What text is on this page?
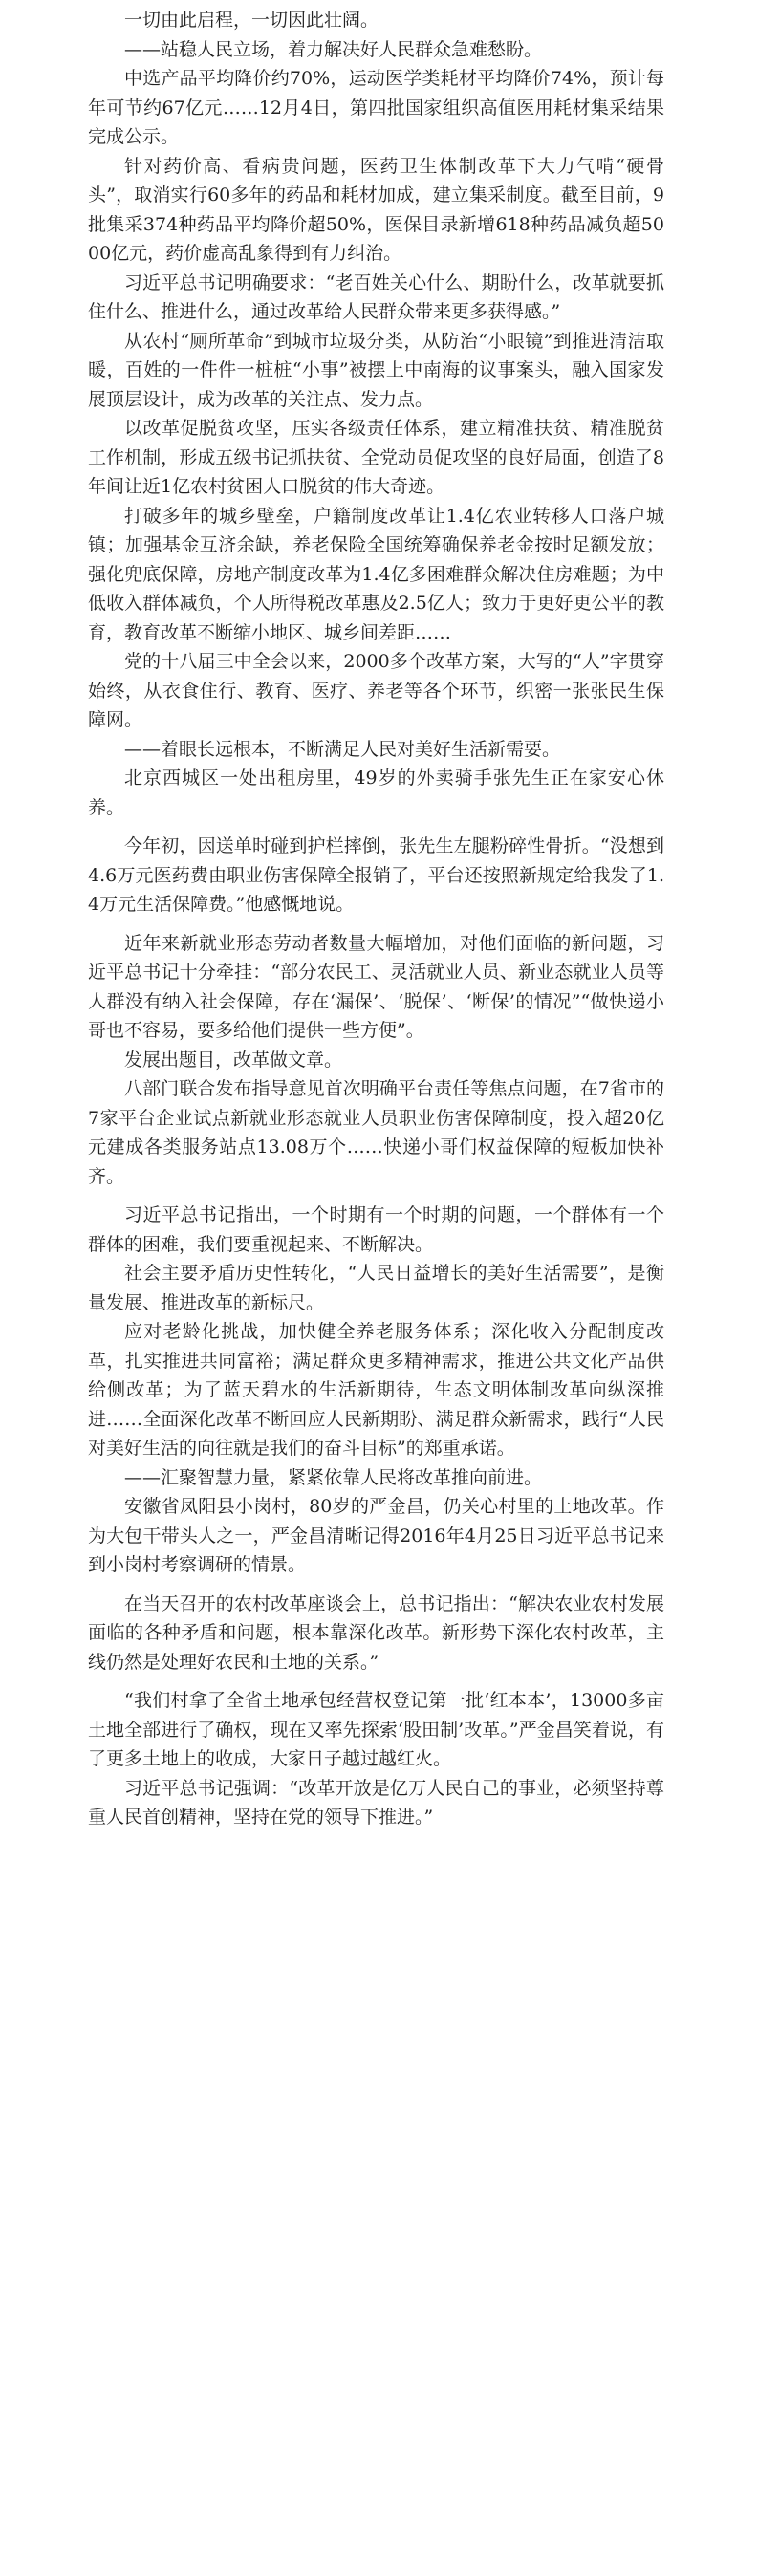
一切由此启程，一切因此壮阔。

——站稳人民立场，着力解决好人民群众急难愁盼。

中选产品平均降价约70%，运动医学类耗材平均降价74%，预计每年可节约67亿元……12月4日，第四批国家组织高值医用耗材集采结果完成公示。

针对药价高、看病贵问题，医药卫生体制改革下大力气啃“硬骨头”，取消实行60多年的药品和耗材加成，建立集采制度。截至目前，9批集采374种药品平均降价超50%，医保目录新增618种药品减负超5000亿元，药价虚高乱象得到有力纠治。

习近平总书记明确要求：“老百姓关心什么、期盼什么，改革就要抓住什么、推进什么，通过改革给人民群众带来更多获得感。”

从农村“厕所革命”到城市垃圾分类，从防治“小眼镜”到推进清洁取暖，百姓的一件件一桩桩“小事”被摆上中南海的议事案头，融入国家发展顶层设计，成为改革的关注点、发力点。

以改革促脱贫攻坚，压实各级责任体系，建立精准扶贫、精准脱贫工作机制，形成五级书记抓扶贫、全党动员促攻坚的良好局面，创造了8年间让近1亿农村贫困人口脱贫的伟大奇迹。

打破多年的城乡壁垒，户籍制度改革让1.4亿农业转移人口落户城镇；加强基金互济余缺，养老保险全国统筹确保养老金按时足额发放；强化兜底保障，房地产制度改革为1.4亿多困难群众解决住房难题；为中低收入群体减负，个人所得税改革惠及2.5亿人；致力于更好更公平的教育，教育改革不断缩小地区、城乡间差距……

党的十八届三中全会以来，2000多个改革方案，大写的“人”字贯穿始终，从衣食住行、教育、医疗、养老等各个环节，织密一张张民生保障网。

——着眼长远根本，不断满足人民对美好生活新需要。

北京西城区一处出租房里，49岁的外卖骑手张先生正在家安心休养。

今年初，因送单时碰到护栏摔倒，张先生左腿粉碎性骨折。“没想到4.6万元医药费由职业伤害保障全报销了，平台还按照新规定给我发了1.4万元生活保障费。”他感慨地说。

近年来新就业形态劳动者数量大幅增加，对他们面临的新问题，习近平总书记十分牵挂：“部分农民工、灵活就业人员、新业态就业人员等人群没有纳入社会保障，存在‘漏保’、‘脱保’、‘断保’的情况”“做快递小哥也不容易，要多给他们提供一些方便”。

发展出题目，改革做文章。

八部门联合发布指导意见首次明确平台责任等焦点问题，在7省市的7家平台企业试点新就业形态就业人员职业伤害保障制度，投入超20亿元建成各类服务站点13.08万个……快递小哥们权益保障的短板加快补齐。

习近平总书记指出，一个时期有一个时期的问题，一个群体有一个群体的困难，我们要重视起来、不断解决。

社会主要矛盾历史性转化，“人民日益增长的美好生活需要”，是衡量发展、推进改革的新标尺。

应对老龄化挑战，加快健全养老服务体系；深化收入分配制度改革，扎实推进共同富裕；满足群众更多精神需求，推进公共文化产品供给侧改革；为了蓝天碧水的生活新期待，生态文明体制改革向纵深推进……全面深化改革不断回应人民新期盼、满足群众新需求，践行“人民对美好生活的向往就是我们的奋斗目标”的郑重承诺。

——汇聚智慧力量，紧紧依靠人民将改革推向前进。

安徽省凤阳县小岗村，80岁的严金昌，仍关心村里的土地改革。作为大包干带头人之一，严金昌清晰记得2016年4月25日习近平总书记来到小岗村考察调研的情景。

在当天召开的农村改革座谈会上，总书记指出：“解决农业农村发展面临的各种矛盾和问题，根本靠深化改革。新形势下深化农村改革，主线仍然是处理好农民和土地的关系。”

“我们村拿了全省土地承包经营权登记第一批‘红本本’，13000多亩土地全部进行了确权，现在又率先探索‘股田制’改革。”严金昌笑着说，有了更多土地上的收成，大家日子越过越红火。

习近平总书记强调：“改革开放是亿万人民自己的事业，必须坚持尊重人民首创精神，坚持在党的领导下推进。”
